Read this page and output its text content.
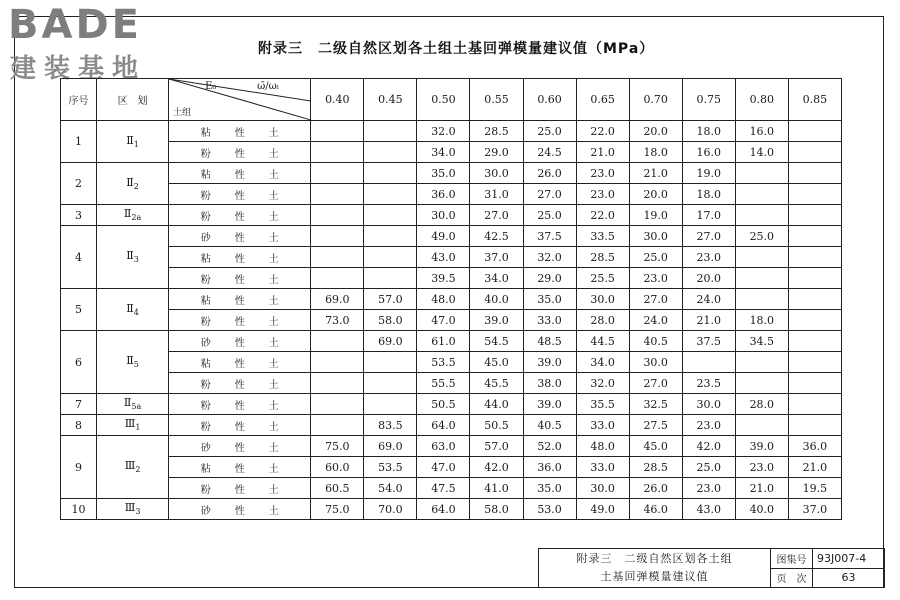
BADE
建装基地
附录三　二级自然区划各土组土基回弹模量建议值（MPa）
序号	区　划	E₀ ω̄/ωₗ
土组	0.40	0.45	0.50	0.55	0.60	0.65	0.70	0.75	0.80	0.85
1	$Ⅱ_1$	粘 性 土			32.0	28.5	25.0	22.0	20.0	18.0	16.0	
		粉 性 土			34.0	29.0	24.5	21.0	18.0	16.0	14.0	
2	$Ⅱ_2$	粘 性 土			35.0	30.0	26.0	23.0	21.0	19.0		
		粉 性 土			36.0	31.0	27.0	23.0	20.0	18.0		
3	$Ⅱ_{2a}$	粉 性 土			30.0	27.0	25.0	22.0	19.0	17.0		
4	$Ⅱ_3$	砂 性 土			49.0	42.5	37.5	33.5	30.0	27.0	25.0	
		粘 性 土			43.0	37.0	32.0	28.5	25.0	23.0		
		粉 性 土			39.5	34.0	29.0	25.5	23.0	20.0		
5	$Ⅱ_4$	粘 性 土	69.0	57.0	48.0	40.0	35.0	30.0	27.0	24.0		
		粉 性 土	73.0	58.0	47.0	39.0	33.0	28.0	24.0	21.0	18.0	
6	$Ⅱ_5$	砂 性 土		69.0	61.0	54.5	48.5	44.5	40.5	37.5	34.5	
		粘 性 土			53.5	45.0	39.0	34.0	30.0			
		粉 性 土			55.5	45.5	38.0	32.0	27.0	23.5		
7	$Ⅱ_{5a}$	粉 性 土			50.5	44.0	39.0	35.5	32.5	30.0	28.0	
8	$Ⅲ_1$	粉 性 土		83.5	64.0	50.5	40.5	33.0	27.5	23.0		
9	$Ⅲ_2$	砂 性 土	75.0	69.0	63.0	57.0	52.0	48.0	45.0	42.0	39.0	36.0
		粘 性 土	60.0	53.5	47.0	42.0	36.0	33.0	28.5	25.0	23.0	21.0
		粉 性 土	60.5	54.0	47.5	41.0	35.0	30.0	26.0	23.0	21.0	19.5
10	$Ⅲ_3$	砂 性 土	75.0	70.0	64.0	58.0	53.0	49.0	46.0	43.0	40.0	37.0
附录三　二级自然区划各土组
土基回弹模量建议值	图集号	93J007-4
	页　次	63
